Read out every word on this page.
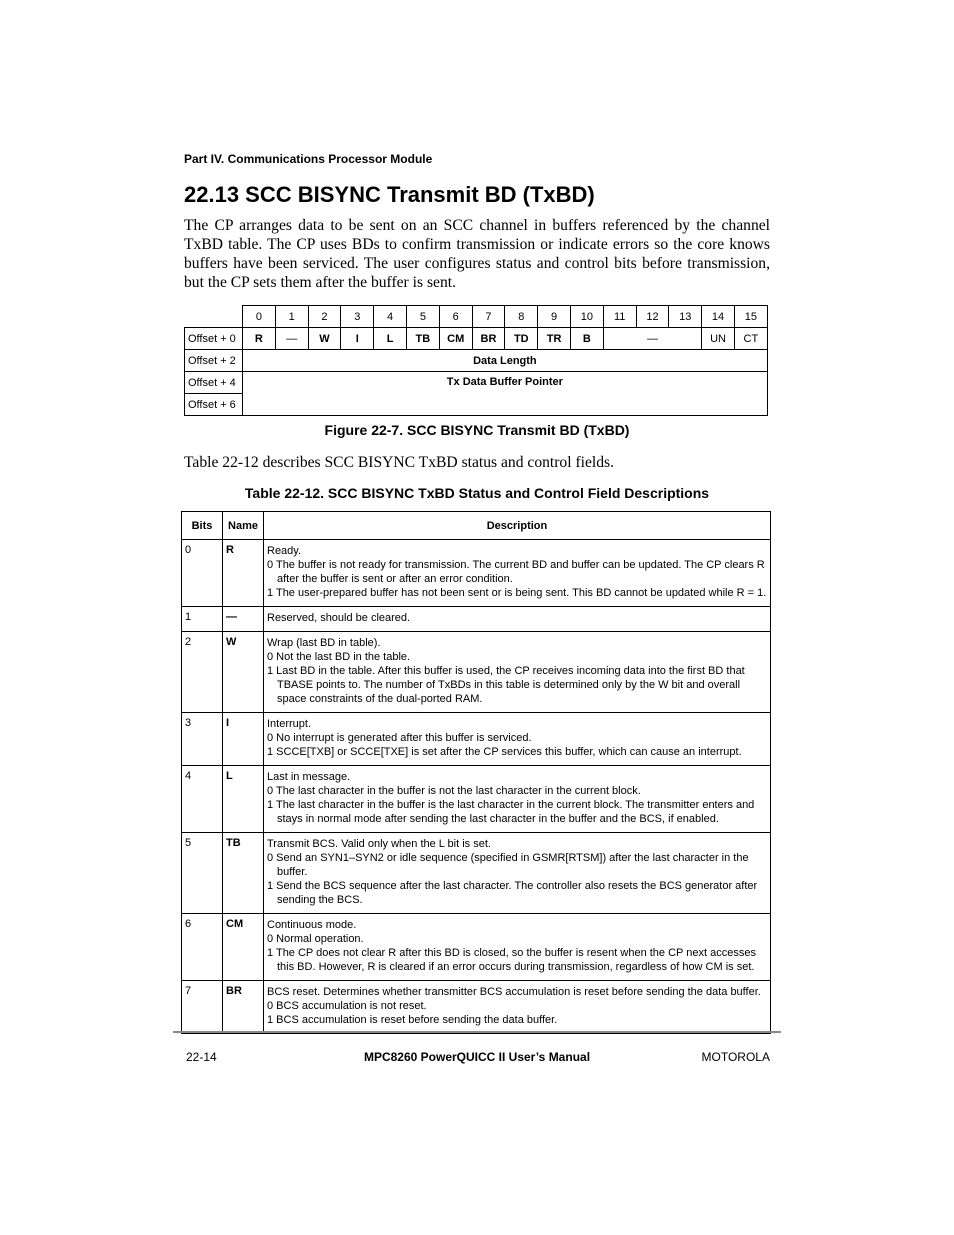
Part IV. Communications Processor Module
22.13 SCC BISYNC Transmit BD (TxBD)

The CP arranges data to be sent on an SCC channel in buffers referenced by the channel TxBD table. The CP uses BDs to confirm transmission or indicate errors so the core knows buffers have been serviced. The user configures status and control bits before transmission, but the CP sets them after the buffer is sent.

	0	1	2	3	4	5	6	7	8	9	10	11	12	13	14	15
Offset + 0	R	—	W	I	L	TB	CM	BR	TD	TR	B	—			UN	CT
Offset + 2	Data Length															
Offset + 4	Tx Data Buffer Pointer															
Offset + 6																
Figure 22-7. SCC BISYNC Transmit BD (TxBD)
Table 22-12 describes SCC BISYNC TxBD status and control fields.
Table 22-12. SCC BISYNC TxBD Status and Control Field Descriptions
Bits	Name	Description
0	R	Ready.
0 The buffer is not ready for transmission. The current BD and buffer can be updated. The CP clears R after the buffer is sent or after an error condition.
1 The user-prepared buffer has not been sent or is being sent. This BD cannot be updated while R = 1.

1	—	Reserved, should be cleared.

2	W	Wrap (last BD in table).
0 Not the last BD in the table.
1 Last BD in the table. After this buffer is used, the CP receives incoming data into the first BD that TBASE points to. The number of TxBDs in this table is determined only by the W bit and overall space constraints of the dual-ported RAM.

3	I	Interrupt.
0 No interrupt is generated after this buffer is serviced.
1 SCCE[TXB] or SCCE[TXE] is set after the CP services this buffer, which can cause an interrupt.

4	L	Last in message.
0 The last character in the buffer is not the last character in the current block.
1 The last character in the buffer is the last character in the current block. The transmitter enters and stays in normal mode after sending the last character in the buffer and the BCS, if enabled.

5	TB	Transmit BCS. Valid only when the L bit is set.
0 Send an SYN1–SYN2 or idle sequence (specified in GSMR[RTSM]) after the last character in the buffer.
1 Send the BCS sequence after the last character. The controller also resets the BCS generator after sending the BCS.

6	CM	Continuous mode.
0 Normal operation.
1 The CP does not clear R after this BD is closed, so the buffer is resent when the CP next accesses this BD. However, R is cleared if an error occurs during transmission, regardless of how CM is set.

7	BR	BCS reset. Determines whether transmitter BCS accumulation is reset before sending the data buffer.
0 BCS accumulation is not reset.
1 BCS accumulation is reset before sending the data buffer.
22-14	MPC8260 PowerQUICC II User’s Manual	MOTOROLA
